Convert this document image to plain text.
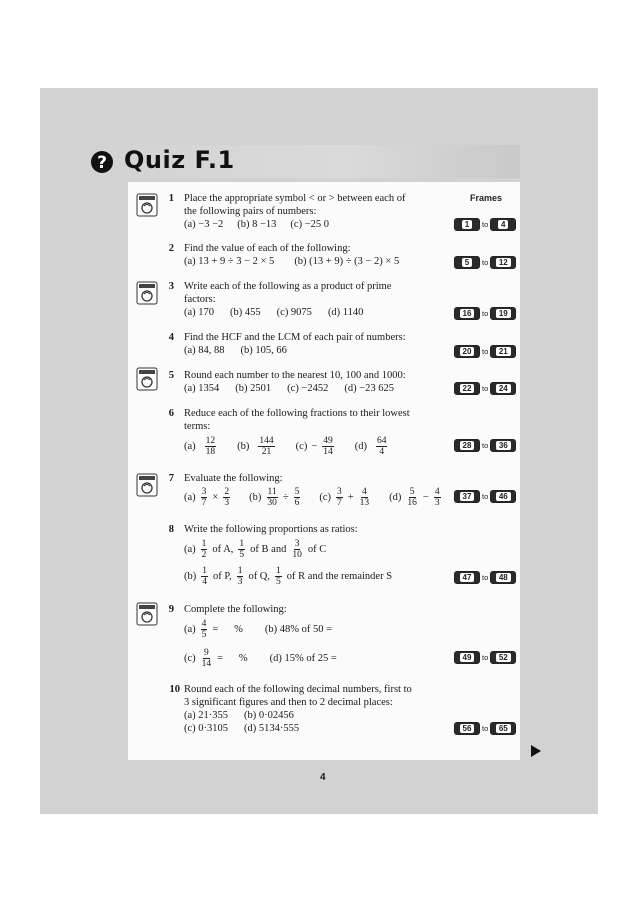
? Quiz F.1
Frames
1 Place the appropriate symbol < or > between each of
the following pairs of numbers:
(a) −3 −2 (b) 8 −13 (c) −25 0	1	to	4
2 Find the value of each of the following:
(a) 13 + 9 ÷ 3 − 2 × 5 (b) (13 + 9) ÷ (3 − 2) × 5	5	to	12
3 Write each of the following as a product of prime
factors:
(a) 170 (b) 455 (c) 9075 (d) 1140	16	to	19
4 Find the HCF and the LCM of each pair of numbers:
(a) 84, 88 (b) 105, 66	20	to	21
5 Round each number to the nearest 10, 100 and 1000:
(a) 1354 (b) 2501 (c) −2452 (d) −23 625	22	to	24
6 Reduce each of the following fractions to their lowest
terms:
$(a) \frac{12}{18} (b) \frac{144}{21} (c) - \frac{49}{14} (d) \frac{64}{4}$	28	to	36
7 Evaluate the following:
$(a) \frac{3}{7} \times \frac{2}{3} (b) \frac{11}{30} \div \frac{5}{6} (c) \frac{3}{7} + \frac{4}{13} (d) \frac{5}{16} - \frac{4}{3}$	37	to	46
8 Write the following proportions as ratios:
$(a) \frac{1}{2}$ of A, $\frac{1}{5}$ of B and $\frac{3}{10}$ of C
$(b) \frac{1}{4}$ of P, $\frac{1}{3}$ of Q, $\frac{1}{5}$ of R and the remainder S	47	to	48
9 Complete the following:
$(a) \frac{4}{5}$ =      % (b) 48% of 50 =
$(c) \frac{9}{14}$ =      % (d) 15% of 25 =	49	to	52
10 Round each of the following decimal numbers, first to
3 significant figures and then to 2 decimal places:
(a) 21·355 (b) 0·02456
(c) 0·3105 (d) 5134·555	56	to	65
4
